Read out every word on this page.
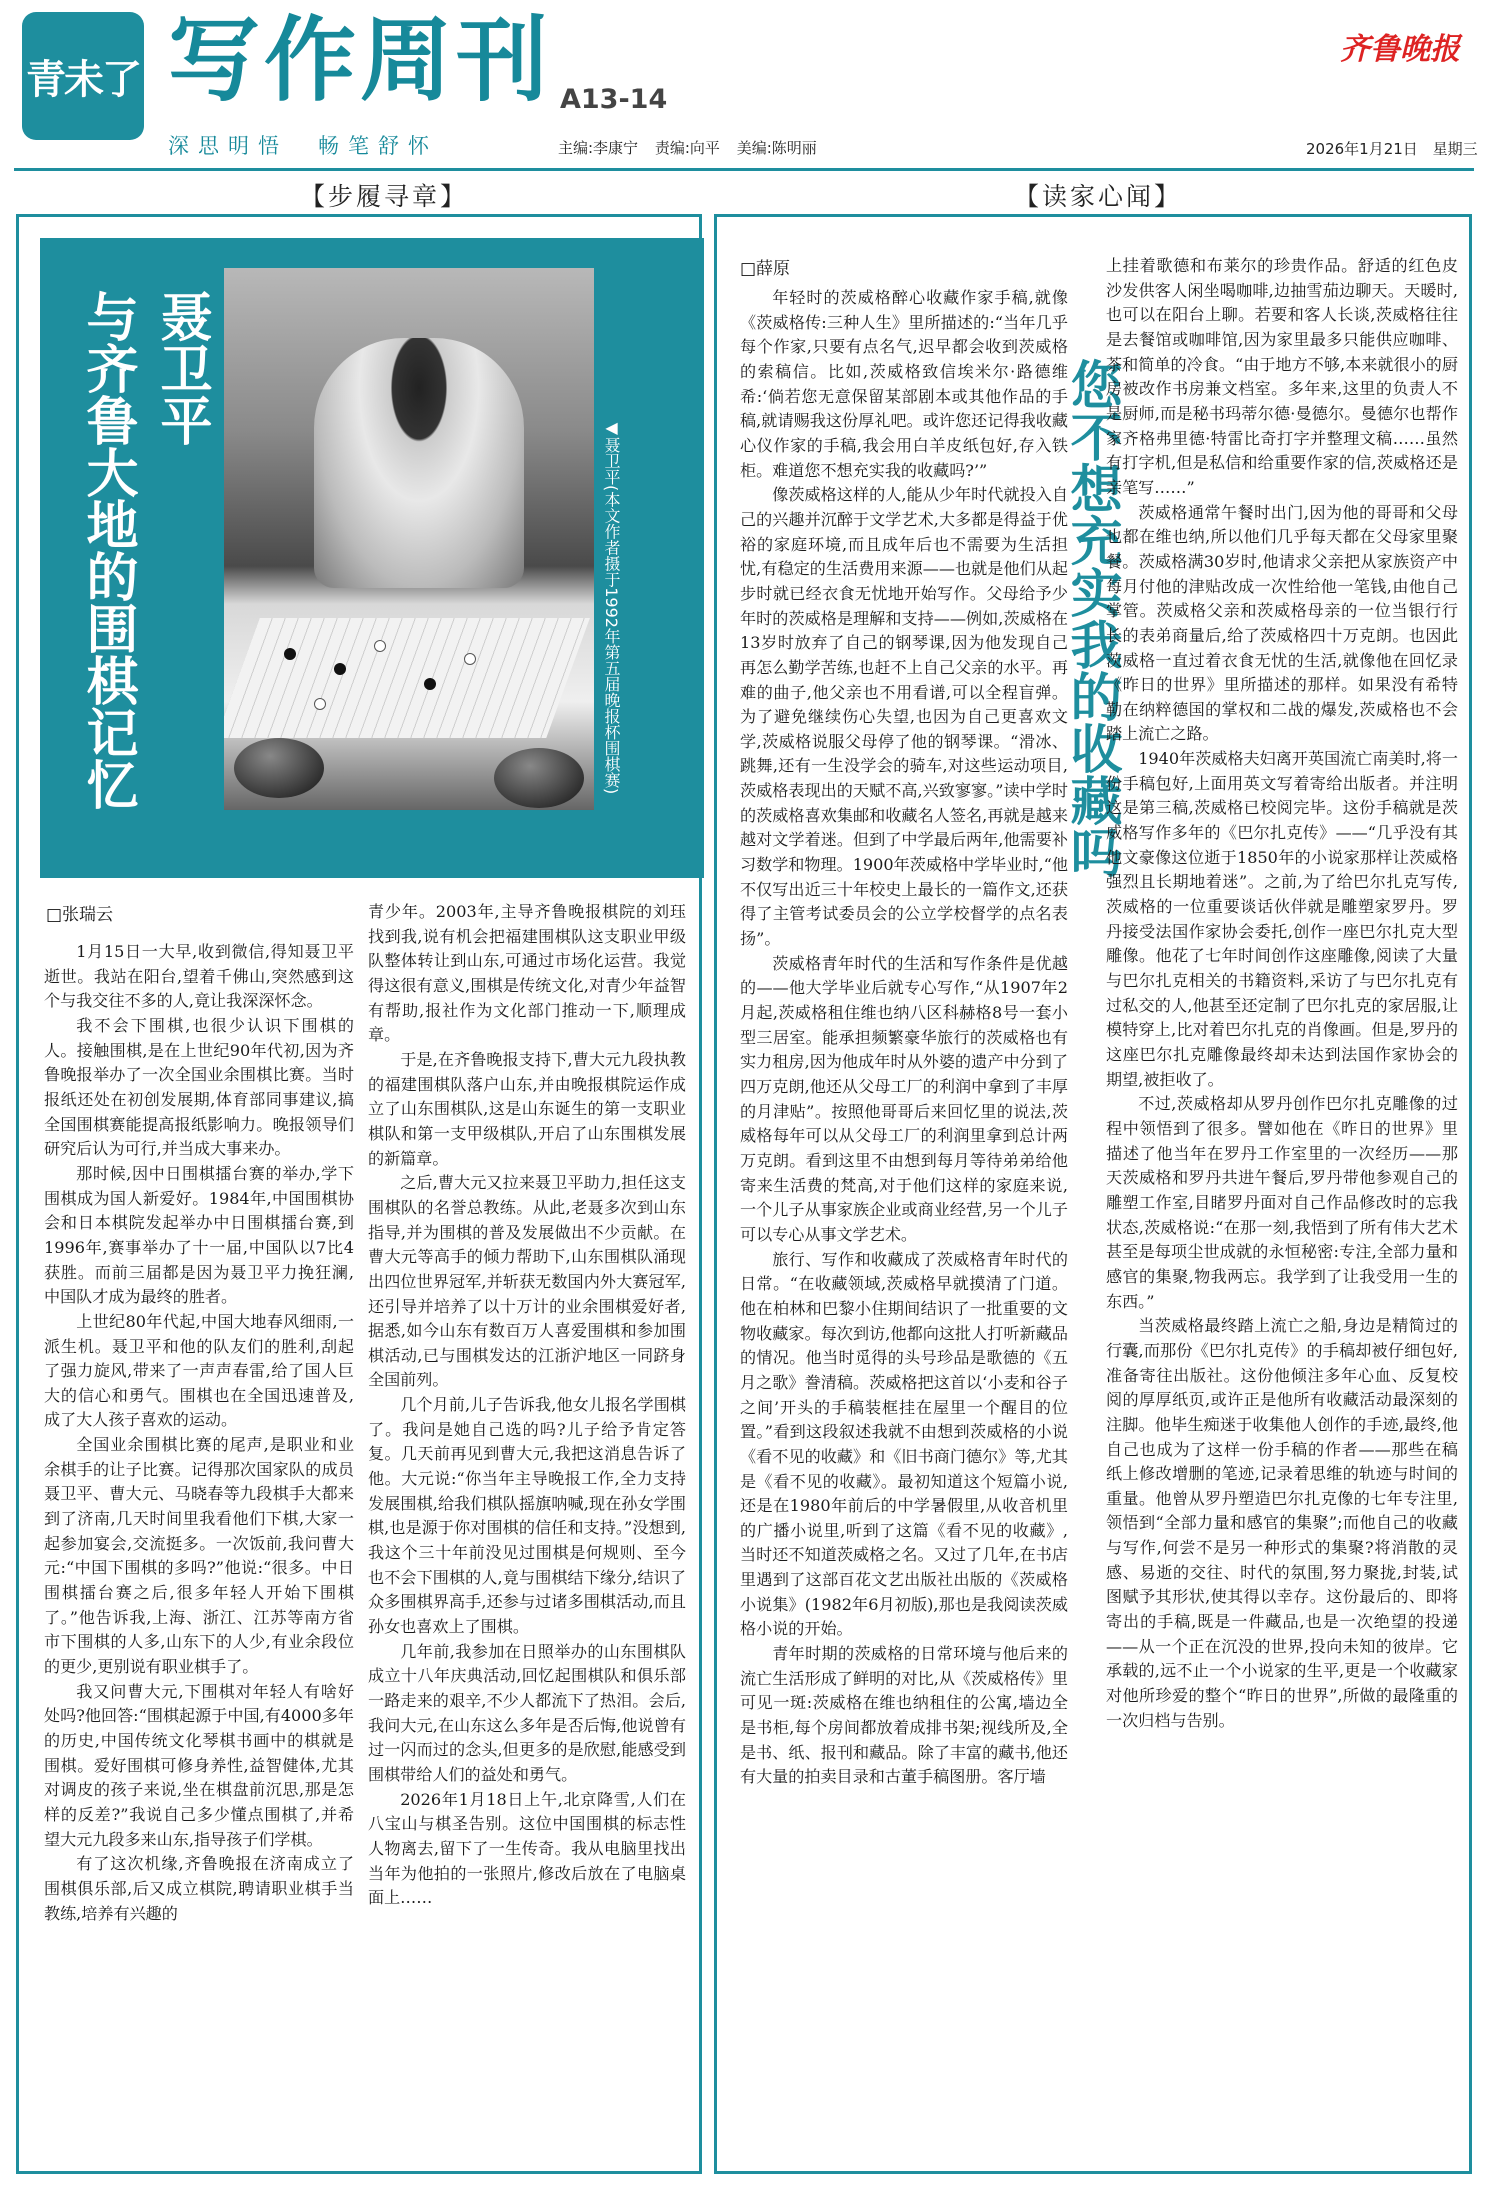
青未了 写作周刊 A13-14
深思明悟　畅笔舒怀	主编:李康宁 责编:向平 美编:陈明丽
齐鲁晚报
2026年1月21日 星期三
【步履寻章】	【读家心闻】
聂卫平
与齐鲁大地的围棋记忆	◀聂卫平(本文作者摄于1992年第五届晚报杯围棋赛)	您不想充实我的收藏吗
□张瑞云
□薛原

1月15日一大早,收到微信,得知聂卫平逝世。我站在阳台,望着千佛山,突然感到这个与我交往不多的人,竟让我深深怀念。

我不会下围棋,也很少认识下围棋的人。接触围棋,是在上世纪90年代初,因为齐鲁晚报举办了一次全国业余围棋比赛。当时报纸还处在初创发展期,体育部同事建议,搞全国围棋赛能提高报纸影响力。晚报领导们研究后认为可行,并当成大事来办。

那时候,因中日围棋擂台赛的举办,学下围棋成为国人新爱好。1984年,中国围棋协会和日本棋院发起举办中日围棋擂台赛,到1996年,赛事举办了十一届,中国队以7比4获胜。而前三届都是因为聂卫平力挽狂澜,中国队才成为最终的胜者。

上世纪80年代起,中国大地春风细雨,一派生机。聂卫平和他的队友们的胜利,刮起了强力旋风,带来了一声声春雷,给了国人巨大的信心和勇气。围棋也在全国迅速普及,成了大人孩子喜欢的运动。

全国业余围棋比赛的尾声,是职业和业余棋手的让子比赛。记得那次国家队的成员聂卫平、曹大元、马晓春等九段棋手大都来到了济南,几天时间里我看他们下棋,大家一起参加宴会,交流挺多。一次饭前,我问曹大元:“中国下围棋的多吗?”他说:“很多。中日围棋擂台赛之后,很多年轻人开始下围棋了。”他告诉我,上海、浙江、江苏等南方省市下围棋的人多,山东下的人少,有业余段位的更少,更别说有职业棋手了。

我又问曹大元,下围棋对年轻人有啥好处吗?他回答:“围棋起源于中国,有4000多年的历史,中国传统文化琴棋书画中的棋就是围棋。爱好围棋可修身养性,益智健体,尤其对调皮的孩子来说,坐在棋盘前沉思,那是怎样的反差?”我说自己多少懂点围棋了,并希望大元九段多来山东,指导孩子们学棋。

有了这次机缘,齐鲁晚报在济南成立了围棋俱乐部,后又成立棋院,聘请职业棋手当教练,培养有兴趣的

青少年。2003年,主导齐鲁晚报棋院的刘珏找到我,说有机会把福建围棋队这支职业甲级队整体转让到山东,可通过市场化运营。我觉得这很有意义,围棋是传统文化,对青少年益智有帮助,报社作为文化部门推动一下,顺理成章。

于是,在齐鲁晚报支持下,曹大元九段执教的福建围棋队落户山东,并由晚报棋院运作成立了山东围棋队,这是山东诞生的第一支职业棋队和第一支甲级棋队,开启了山东围棋发展的新篇章。

之后,曹大元又拉来聂卫平助力,担任这支围棋队的名誉总教练。从此,老聂多次到山东指导,并为围棋的普及发展做出不少贡献。在曹大元等高手的倾力帮助下,山东围棋队涌现出四位世界冠军,并斩获无数国内外大赛冠军,还引导并培养了以十万计的业余围棋爱好者,据悉,如今山东有数百万人喜爱围棋和参加围棋活动,已与围棋发达的江浙沪地区一同跻身全国前列。

几个月前,儿子告诉我,他女儿报名学围棋了。我问是她自己选的吗?儿子给予肯定答复。几天前再见到曹大元,我把这消息告诉了他。大元说:“你当年主导晚报工作,全力支持发展围棋,给我们棋队摇旗呐喊,现在孙女学围棋,也是源于你对围棋的信任和支持。”没想到,我这个三十年前没见过围棋是何规则、至今也不会下围棋的人,竟与围棋结下缘分,结识了众多围棋界高手,还参与过诸多围棋活动,而且孙女也喜欢上了围棋。

几年前,我参加在日照举办的山东围棋队成立十八年庆典活动,回忆起围棋队和俱乐部一路走来的艰辛,不少人都流下了热泪。会后,我问大元,在山东这么多年是否后悔,他说曾有过一闪而过的念头,但更多的是欣慰,能感受到围棋带给人们的益处和勇气。

2026年1月18日上午,北京降雪,人们在八宝山与棋圣告别。这位中国围棋的标志性人物离去,留下了一生传奇。我从电脑里找出当年为他拍的一张照片,修改后放在了电脑桌面上……

年轻时的茨威格醉心收藏作家手稿,就像《茨威格传:三种人生》里所描述的:“当年几乎每个作家,只要有点名气,迟早都会收到茨威格的索稿信。比如,茨威格致信埃米尔·路德维希:‘倘若您无意保留某部剧本或其他作品的手稿,就请赐我这份厚礼吧。或许您还记得我收藏心仪作家的手稿,我会用白羊皮纸包好,存入铁柜。难道您不想充实我的收藏吗?’”

像茨威格这样的人,能从少年时代就投入自己的兴趣并沉醉于文学艺术,大多都是得益于优裕的家庭环境,而且成年后也不需要为生活担忧,有稳定的生活费用来源——也就是他们从起步时就已经衣食无忧地开始写作。父母给予少年时的茨威格是理解和支持——例如,茨威格在13岁时放弃了自己的钢琴课,因为他发现自己再怎么勤学苦练,也赶不上自己父亲的水平。再难的曲子,他父亲也不用看谱,可以全程盲弹。为了避免继续伤心失望,也因为自己更喜欢文学,茨威格说服父母停了他的钢琴课。“滑冰、跳舞,还有一生没学会的骑车,对这些运动项目,茨威格表现出的天赋不高,兴致寥寥。”读中学时的茨威格喜欢集邮和收藏名人签名,再就是越来越对文学着迷。但到了中学最后两年,他需要补习数学和物理。1900年茨威格中学毕业时,“他不仅写出近三十年校史上最长的一篇作文,还获得了主管考试委员会的公立学校督学的点名表扬”。

茨威格青年时代的生活和写作条件是优越的——他大学毕业后就专心写作,“从1907年2月起,茨威格租住维也纳八区科赫格8号一套小型三居室。能承担频繁豪华旅行的茨威格也有实力租房,因为他成年时从外婆的遗产中分到了四万克朗,他还从父母工厂的利润中拿到了丰厚的月津贴”。按照他哥哥后来回忆里的说法,茨威格每年可以从父母工厂的利润里拿到总计两万克朗。看到这里不由想到每月等待弟弟给他寄来生活费的梵高,对于他们这样的家庭来说,一个儿子从事家族企业或商业经营,另一个儿子可以专心从事文学艺术。

旅行、写作和收藏成了茨威格青年时代的日常。“在收藏领域,茨威格早就摸清了门道。他在柏林和巴黎小住期间结识了一批重要的文物收藏家。每次到访,他都向这批人打听新藏品的情况。他当时觅得的头号珍品是歌德的《五月之歌》誊清稿。茨威格把这首以‘小麦和谷子之间’开头的手稿装框挂在屋里一个醒目的位置。”看到这段叙述我就不由想到茨威格的小说《看不见的收藏》和《旧书商门德尔》等,尤其是《看不见的收藏》。最初知道这个短篇小说,还是在1980年前后的中学暑假里,从收音机里的广播小说里,听到了这篇《看不见的收藏》,当时还不知道茨威格之名。又过了几年,在书店里遇到了这部百花文艺出版社出版的《茨威格小说集》(1982年6月初版),那也是我阅读茨威格小说的开始。

青年时期的茨威格的日常环境与他后来的流亡生活形成了鲜明的对比,从《茨威格传》里可见一斑:茨威格在维也纳租住的公寓,墙边全是书柜,每个房间都放着成排书架;视线所及,全是书、纸、报刊和藏品。除了丰富的藏书,他还有大量的拍卖目录和古董手稿图册。客厅墙

上挂着歌德和布莱尔的珍贵作品。舒适的红色皮沙发供客人闲坐喝咖啡,边抽雪茄边聊天。天暖时,也可以在阳台上聊。若要和客人长谈,茨威格往往是去餐馆或咖啡馆,因为家里最多只能供应咖啡、茶和简单的冷食。“由于地方不够,本来就很小的厨房被改作书房兼文档室。多年来,这里的负责人不是厨师,而是秘书玛蒂尔德·曼德尔。曼德尔也帮作家齐格弗里德·特雷比奇打字并整理文稿……虽然有打字机,但是私信和给重要作家的信,茨威格还是亲笔写……”

茨威格通常午餐时出门,因为他的哥哥和父母也都在维也纳,所以他们几乎每天都在父母家里聚餐。茨威格满30岁时,他请求父亲把从家族资产中每月付他的津贴改成一次性给他一笔钱,由他自己掌管。茨威格父亲和茨威格母亲的一位当银行行长的表弟商量后,给了茨威格四十万克朗。也因此茨威格一直过着衣食无忧的生活,就像他在回忆录《昨日的世界》里所描述的那样。如果没有希特勒在纳粹德国的掌权和二战的爆发,茨威格也不会踏上流亡之路。

1940年茨威格夫妇离开英国流亡南美时,将一份手稿包好,上面用英文写着寄给出版者。并注明这是第三稿,茨威格已校阅完毕。这份手稿就是茨威格写作多年的《巴尔扎克传》——“几乎没有其他文豪像这位逝于1850年的小说家那样让茨威格强烈且长期地着迷”。之前,为了给巴尔扎克写传,茨威格的一位重要谈话伙伴就是雕塑家罗丹。罗丹接受法国作家协会委托,创作一座巴尔扎克大型雕像。他花了七年时间创作这座雕像,阅读了大量与巴尔扎克相关的书籍资料,采访了与巴尔扎克有过私交的人,他甚至还定制了巴尔扎克的家居服,让模特穿上,比对着巴尔扎克的肖像画。但是,罗丹的这座巴尔扎克雕像最终却未达到法国作家协会的期望,被拒收了。

不过,茨威格却从罗丹创作巴尔扎克雕像的过程中领悟到了很多。譬如他在《昨日的世界》里描述了他当年在罗丹工作室里的一次经历——那天茨威格和罗丹共进午餐后,罗丹带他参观自己的雕塑工作室,目睹罗丹面对自己作品修改时的忘我状态,茨威格说:“在那一刻,我悟到了所有伟大艺术甚至是每项尘世成就的永恒秘密:专注,全部力量和感官的集聚,物我两忘。我学到了让我受用一生的东西。”

当茨威格最终踏上流亡之船,身边是精简过的行囊,而那份《巴尔扎克传》的手稿却被仔细包好,准备寄往出版社。这份他倾注多年心血、反复校阅的厚厚纸页,或许正是他所有收藏活动最深刻的注脚。他毕生痴迷于收集他人创作的手迹,最终,他自己也成为了这样一份手稿的作者——那些在稿纸上修改增删的笔迹,记录着思维的轨迹与时间的重量。他曾从罗丹塑造巴尔扎克像的七年专注里,领悟到“全部力量和感官的集聚”;而他自己的收藏与写作,何尝不是另一种形式的集聚?将消散的灵感、易逝的交往、时代的氛围,努力聚拢,封装,试图赋予其形状,使其得以幸存。这份最后的、即将寄出的手稿,既是一件藏品,也是一次绝望的投递——从一个正在沉没的世界,投向未知的彼岸。它承载的,远不止一个小说家的生平,更是一个收藏家对他所珍爱的整个“昨日的世界”,所做的最隆重的一次归档与告别。
